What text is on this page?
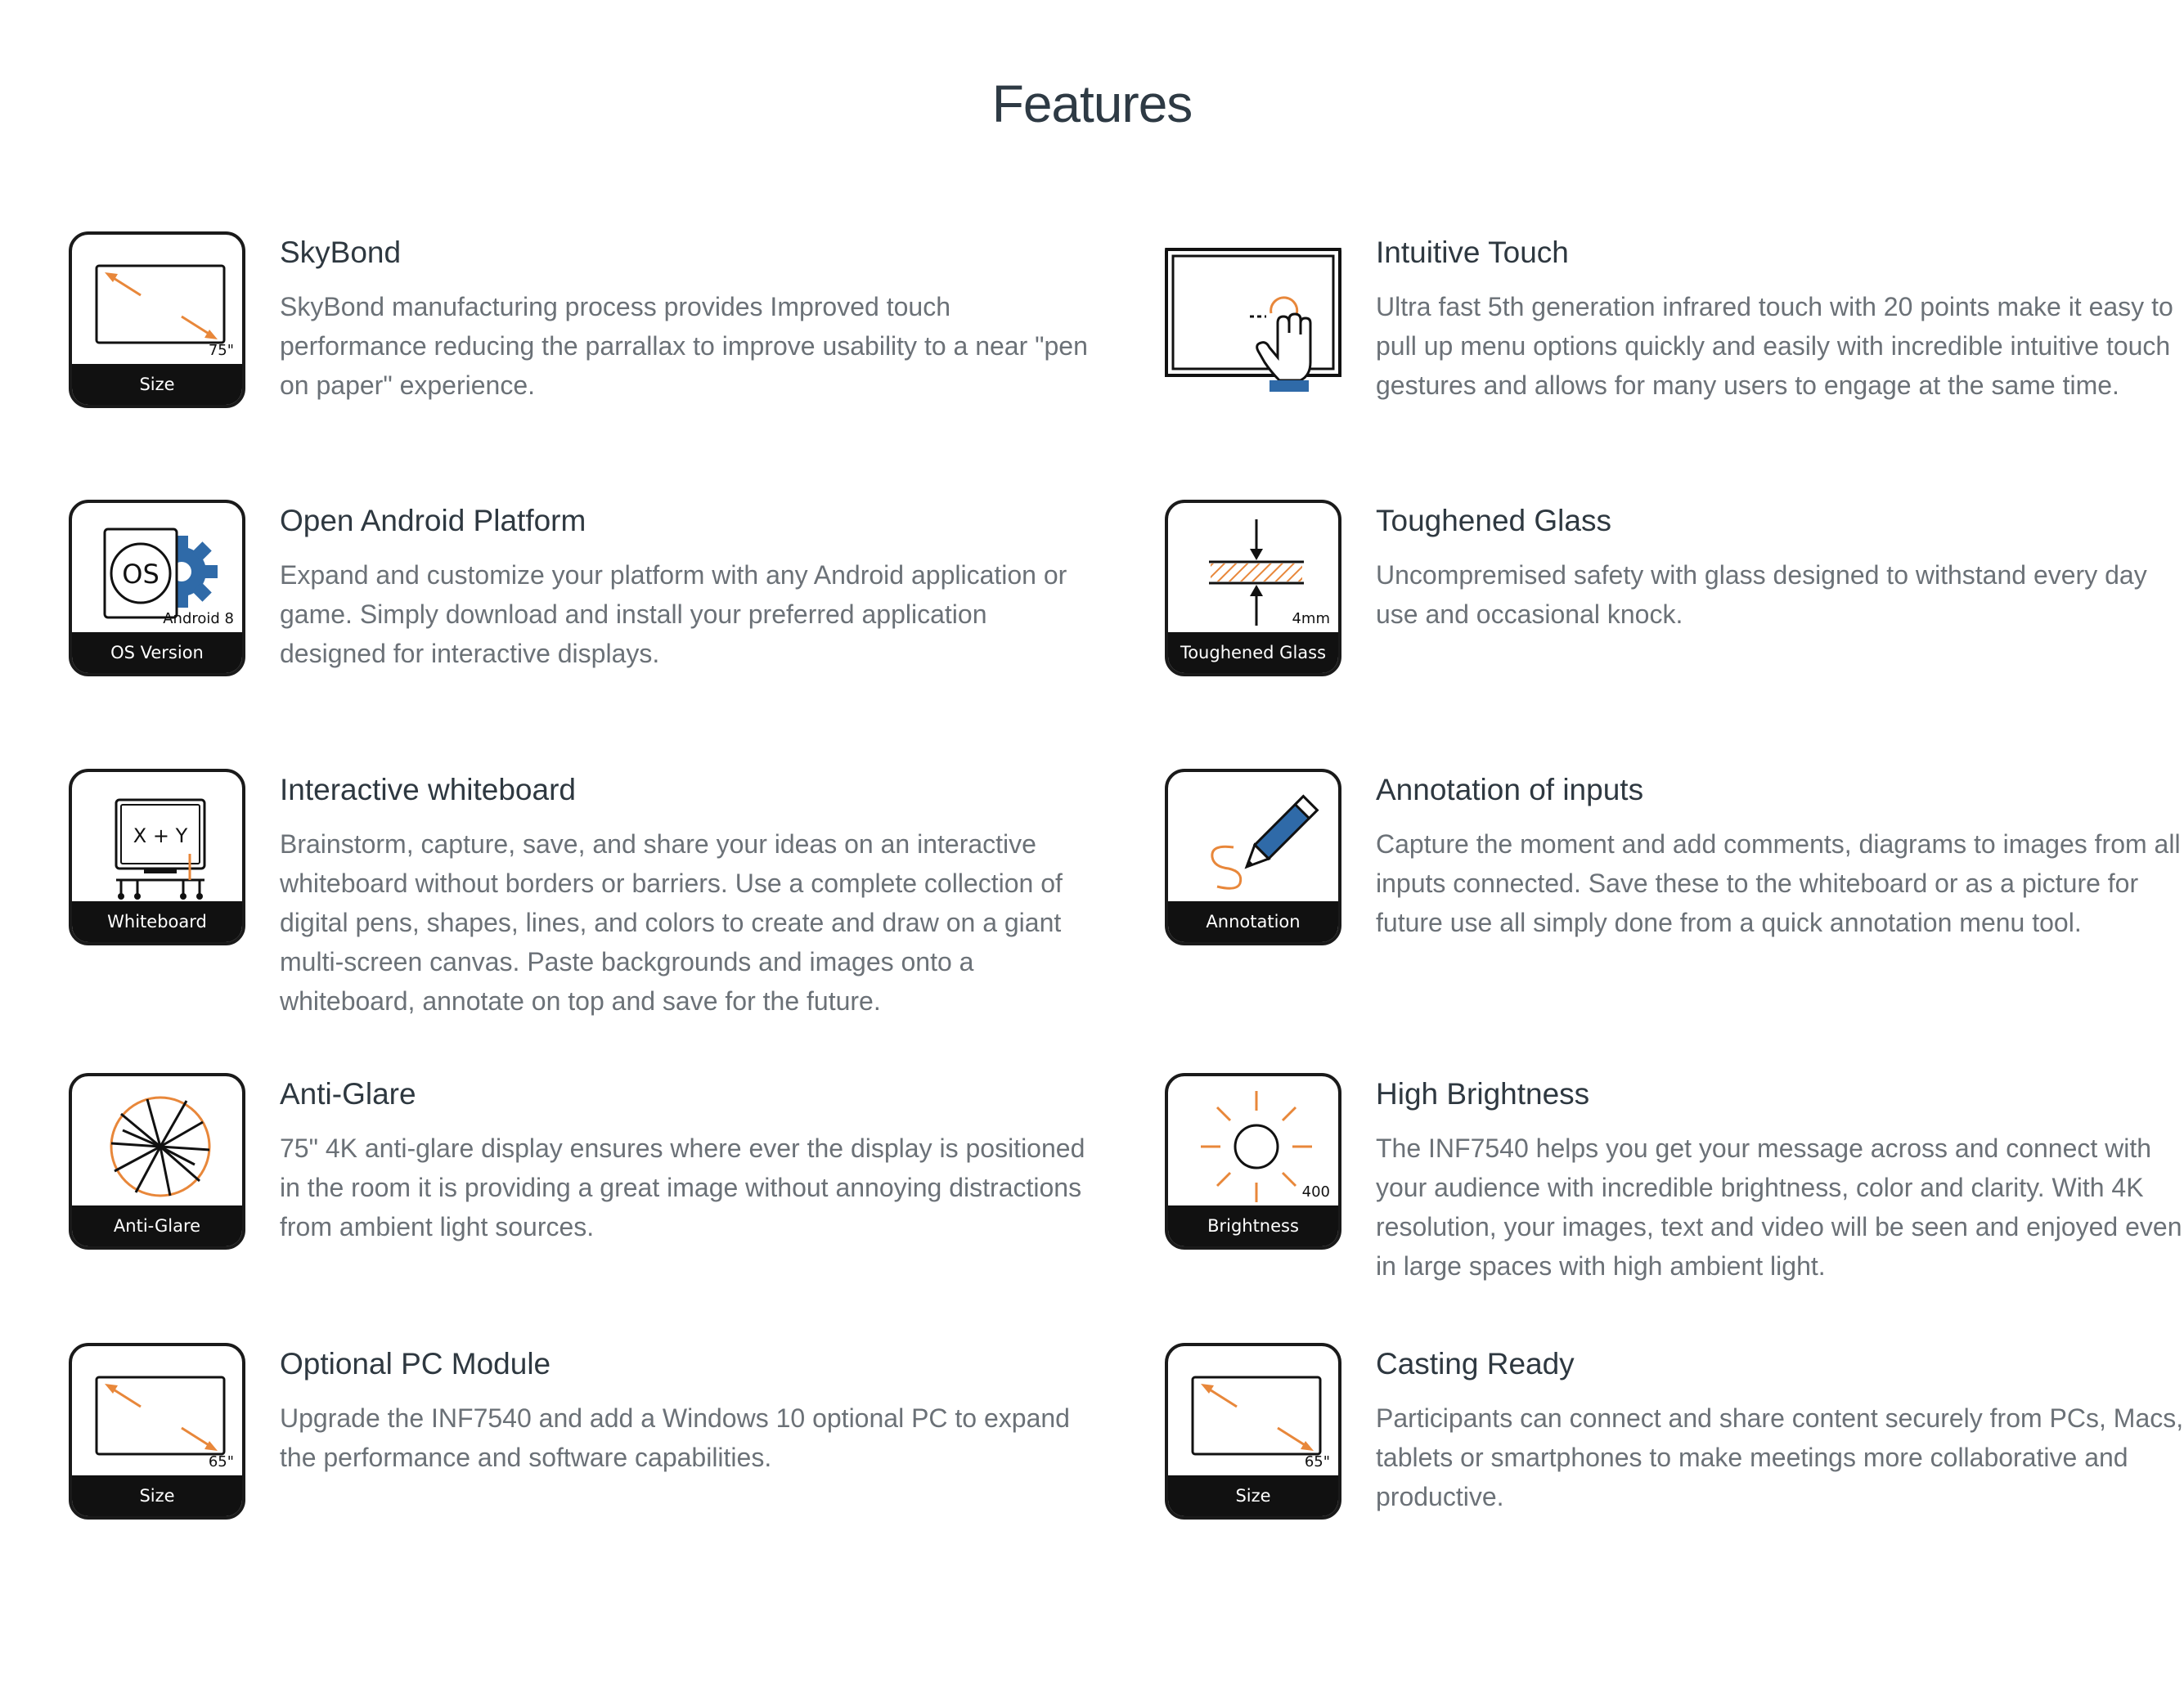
Features
75"
Size
SkyBond

SkyBond manufacturing process provides Improved touch performance reducing the parrallax to improve usability to a near "pen on paper" experience.

Intuitive Touch

Ultra fast 5th generation infrared touch with 20 points make it easy to pull up menu options quickly and easily with incredible intuitive touch gestures and allows for many users to engage at the same time.

OS
Android 8
OS Version
Open Android Platform

Expand and customize your platform with any Android application or game. Simply download and install your preferred application designed for interactive displays.

4mm
Toughened Glass
Toughened Glass

Uncompremised safety with glass designed to withstand every day use and occasional knock.

X + Y
Whiteboard
Interactive whiteboard

Brainstorm, capture, save, and share your ideas on an interactive whiteboard without borders or barriers. Use a complete collection of digital pens, shapes, lines, and colors to create and draw on a giant multi-screen canvas. Paste backgrounds and images onto a whiteboard, annotate on top and save for the future.

Annotation
Annotation of inputs

Capture the moment and add comments, diagrams to images from all inputs connected. Save these to the whiteboard or as a picture for future use all simply done from a quick annotation menu tool.

Anti-Glare
Anti-Glare

75" 4K anti-glare display ensures where ever the display is positioned in the room it is providing a great image without annoying distractions from ambient light sources.

400
Brightness
High Brightness

The INF7540 helps you get your message across and connect with your audience with incredible brightness, color and clarity. With 4K resolution, your images, text and video will be seen and enjoyed even in large spaces with high ambient light.

65"
Size
Optional PC Module

Upgrade the INF7540 and add a Windows 10 optional PC to expand the performance and software capabilities.	65"
Size
Casting Ready

Participants can connect and share content securely from PCs, Macs, tablets or smartphones to make meetings more collaborative and productive.
